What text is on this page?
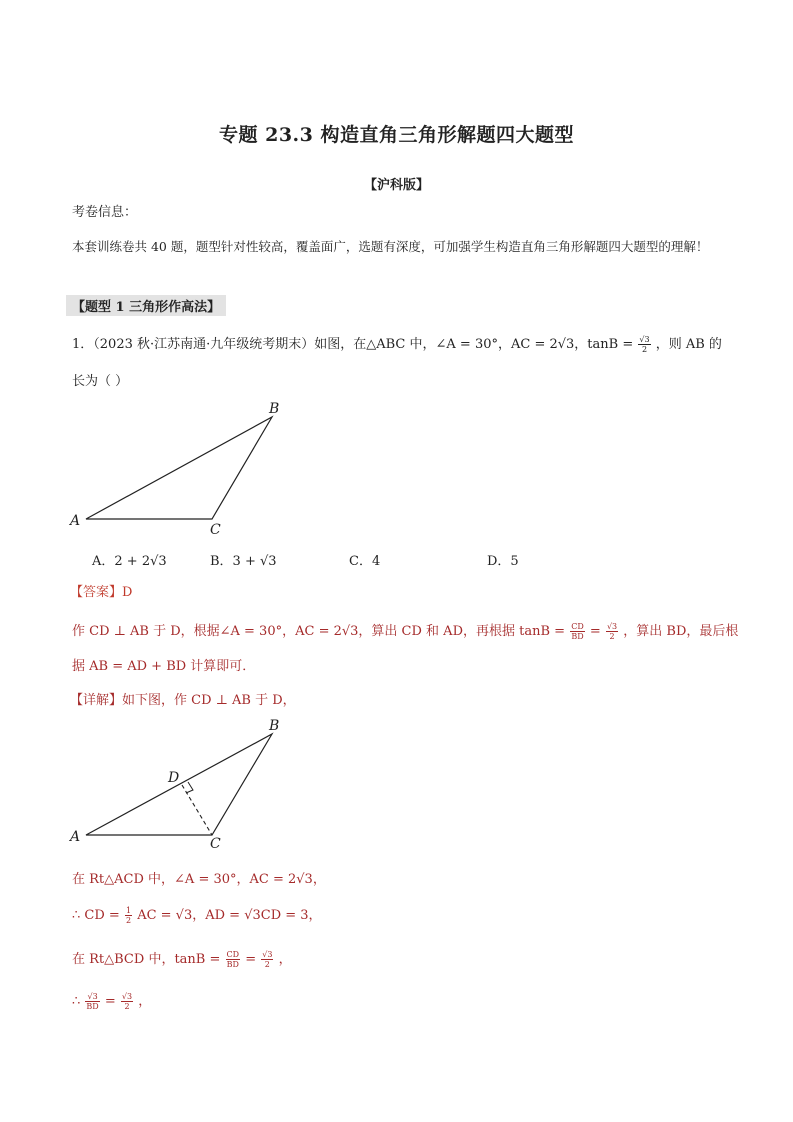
专题 23.3 构造直角三角形解题四大题型
【沪科版】
考卷信息：
本套训练卷共 40 题，题型针对性较高，覆盖面广，选题有深度，可加强学生构造直角三角形解题四大题型的理解！
【题型 1 三角形作高法】
1．（2023 秋·江苏南通·九年级统考期末）如图，在△ABC 中，∠A = 30°，AC = 2√3，$\tan B = \frac{√3}{2}$ ，则 AB 的
长为（ ）
A
B
C
A．2 + 2√3	B．3 + √3	C．4	D．5
【答案】D
作 CD ⊥ AB 于 D，根据∠A = 30°，AC = 2√3，算出 CD 和 AD，再根据 $\tan B = \frac{CD}{BD} = \frac{√3}{2}$ ，算出 BD，最后根
据 AB = AD + BD 计算即可．
【详解】如下图，作 CD ⊥ AB 于 D，
A
B
C
D
在 Rt△ACD 中，∠A = 30°，AC = 2√3，
∴ CD = $\frac{1}{2}$ AC = √3，AD = √3CD = 3，
在 Rt△BCD 中，$\tan B = \frac{CD}{BD} = \frac{√3}{2}$ ，
∴ $\frac{√3}{BD} = \frac{√3}{2}$ ，
